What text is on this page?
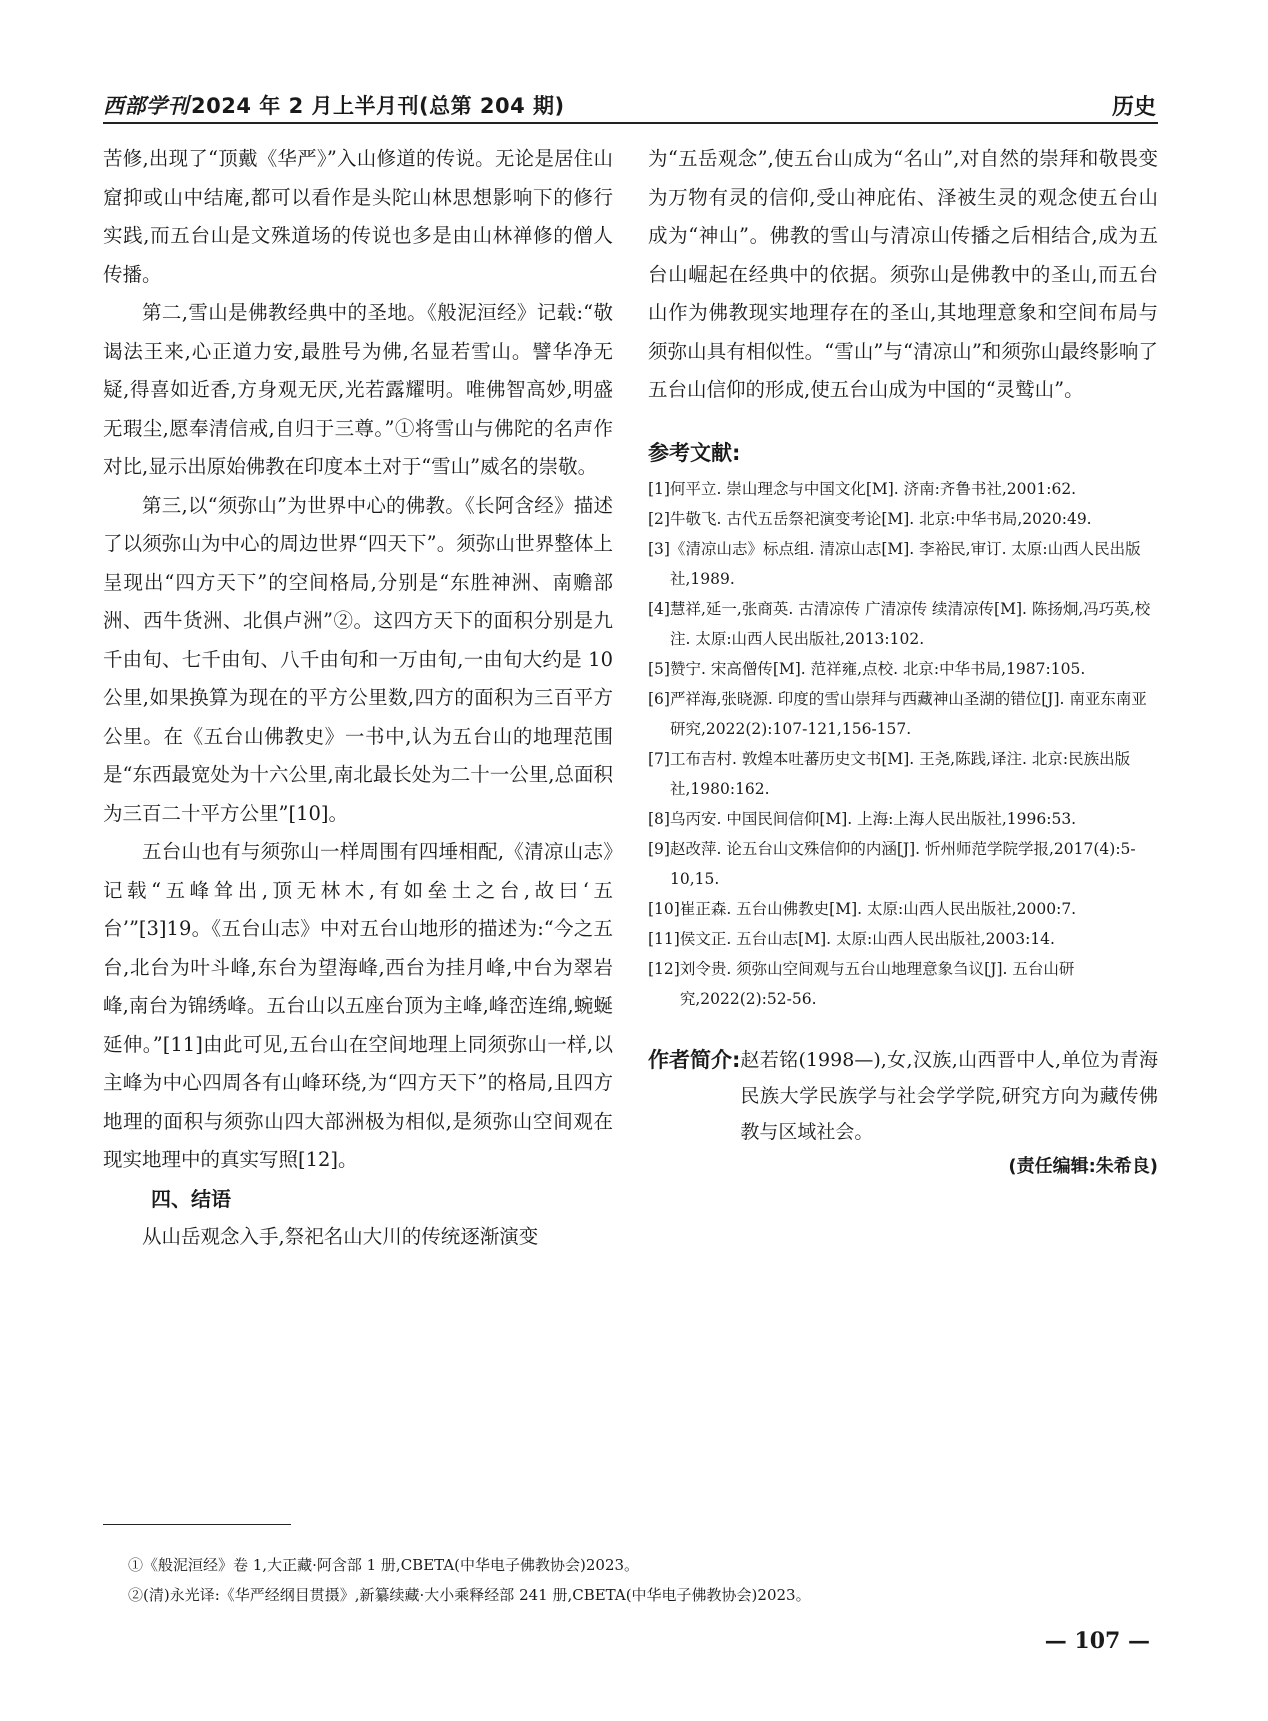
西部学刊2024 年 2 月上半月刊(总第 204 期)	历史

苦修,出现了“顶戴《华严》”入山修道的传说。无论是居住山窟抑或山中结庵,都可以看作是头陀山林思想影响下的修行实践,而五台山是文殊道场的传说也多是由山林禅修的僧人传播。

第二,雪山是佛教经典中的圣地。《般泥洹经》记载:“敬谒法王来,心正道力安,最胜号为佛,名显若雪山。譬华净无疑,得喜如近香,方身观无厌,光若露耀明。唯佛智高妙,明盛无瑕尘,愿奉清信戒,自归于三尊。”①将雪山与佛陀的名声作对比,显示出原始佛教在印度本土对于“雪山”威名的崇敬。

第三,以“须弥山”为世界中心的佛教。《长阿含经》描述了以须弥山为中心的周边世界“四天下”。须弥山世界整体上呈现出“四方天下”的空间格局,分别是“东胜神洲、南赡部洲、西牛货洲、北俱卢洲”②。这四方天下的面积分别是九千由旬、七千由旬、八千由旬和一万由旬,一由旬大约是 10 公里,如果换算为现在的平方公里数,四方的面积为三百平方公里。在《五台山佛教史》一书中,认为五台山的地理范围是“东西最宽处为十六公里,南北最长处为二十一公里,总面积为三百二十平方公里”[10]。

五台山也有与须弥山一样周围有四埵相配,《清凉山志》记载“五峰耸出,顶无林木,有如垒土之台,故曰‘五台’”[3]19。《五台山志》中对五台山地形的描述为:“今之五台,北台为叶斗峰,东台为望海峰,西台为挂月峰,中台为翠岩峰,南台为锦绣峰。五台山以五座台顶为主峰,峰峦连绵,蜿蜒延伸。”[11]由此可见,五台山在空间地理上同须弥山一样,以主峰为中心四周各有山峰环绕,为“四方天下”的格局,且四方地理的面积与须弥山四大部洲极为相似,是须弥山空间观在现实地理中的真实写照[12]。

四、结语

从山岳观念入手,祭祀名山大川的传统逐渐演变

为“五岳观念”,使五台山成为“名山”,对自然的崇拜和敬畏变为万物有灵的信仰,受山神庇佑、泽被生灵的观念使五台山成为“神山”。佛教的雪山与清凉山传播之后相结合,成为五台山崛起在经典中的依据。须弥山是佛教中的圣山,而五台山作为佛教现实地理存在的圣山,其地理意象和空间布局与须弥山具有相似性。“雪山”与“清凉山”和须弥山最终影响了五台山信仰的形成,使五台山成为中国的“灵鹫山”。

参考文献:
[1] 何平立. 崇山理念与中国文化[M]. 济南:齐鲁书社,2001:62.
[2] 牛敬飞. 古代五岳祭祀演变考论[M]. 北京:中华书局,2020:49.
[3] 《清凉山志》标点组. 清凉山志[M]. 李裕民,审订. 太原:山西人民出版社,1989.
[4] 慧祥,延一,张商英. 古清凉传 广清凉传 续清凉传[M]. 陈扬炯,冯巧英,校注. 太原:山西人民出版社,2013:102.
[5] 赞宁. 宋高僧传[M]. 范祥雍,点校. 北京:中华书局,1987:105.
[6] 严祥海,张晓源. 印度的雪山崇拜与西藏神山圣湖的错位[J]. 南亚东南亚研究,2022(2):107-121,156-157.
[7] 工布吉村. 敦煌本吐蕃历史文书[M]. 王尧,陈践,译注. 北京:民族出版社,1980:162.
[8] 乌丙安. 中国民间信仰[M]. 上海:上海人民出版社,1996:53.
[9] 赵改萍. 论五台山文殊信仰的内涵[J]. 忻州师范学院学报,2017(4):5-10,15.
[10] 崔正森. 五台山佛教史[M]. 太原:山西人民出版社,2000:7.
[11] 侯文正. 五台山志[M]. 太原:山西人民出版社,2003:14.
[12] 刘令贵. 须弥山空间观与五台山地理意象刍议[J]. 五台山研究,2022(2):52-56.
作者简介: 赵若铭(1998—),女,汉族,山西晋中人,单位为青海民族大学民族学与社会学学院,研究方向为藏传佛教与区域社会。
(责任编辑:朱希良)
①《般泥洹经》卷 1,大正藏·阿含部 1 册,CBETA(中华电子佛教协会)2023。
②(清)永光译:《华严经纲目贯摄》,新纂续藏·大小乘释经部 241 册,CBETA(中华电子佛教协会)2023。
— 107 —
